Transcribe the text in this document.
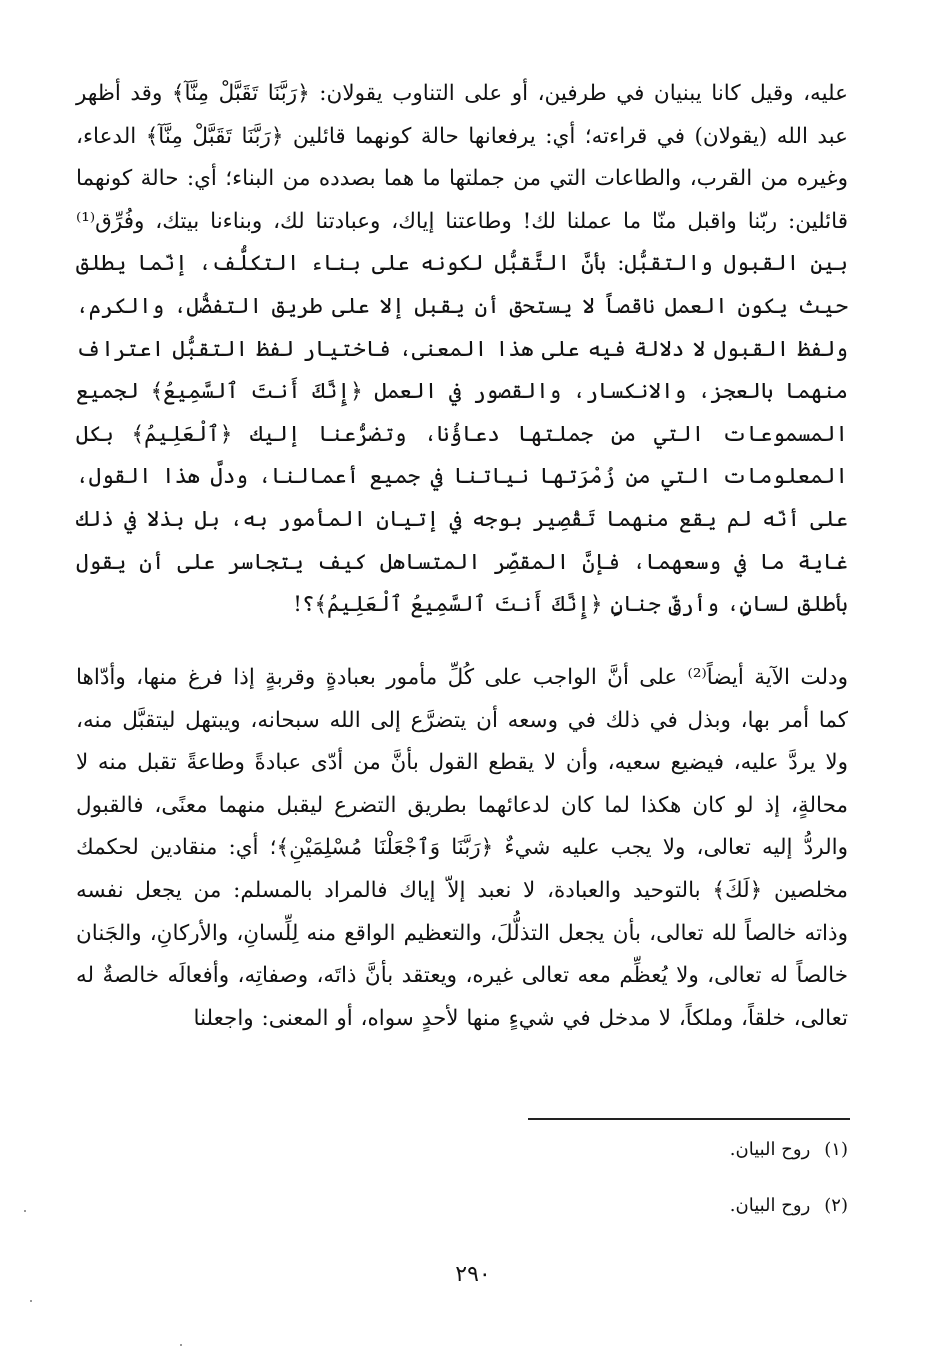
عليه، وقيل كانا يبنيان في طرفين، أو على التناوب يقولان: ﴿رَبَّنَا تَقَبَّلْ مِنَّآ﴾ وقد أظهر عبد الله (يقولان) في قراءته؛ أي: يرفعانها حالة كونهما قائلين ﴿رَبَّنَا تَقَبَّلْ مِنَّآ﴾ الدعاء، وغيره من القرب، والطاعات التي من جملتها ما هما بصدده من البناء؛ أي: حالة كونهما قائلين: ربّنا واقبل منّا ما عملنا لك! وطاعتنا إياك، وعبادتنا لك، وبناءنا بيتك، وفُرِّق⁽¹⁾ بين القبول والتقبُّل: بأنَّ التَّقبُّل لكونه على بناء التكلُّف، إنّما يطلق حيث يكون العمل ناقصاً لا يستحق أن يقبل إلا على طريق التفضُّل، والكرم، ولفظ القبول لا دلالة فيه على هذا المعنى، فاختيار لفظ التقبُّل اعتراف منهما بالعجز، والانكسار، والقصور في العمل ﴿إِنَّكَ أَنتَ ٱلسَّمِيعُ﴾ لجميع المسموعات التي من جملتها دعاؤُنا، وتضرُّعنا إليك ﴿ٱلْعَلِيمُ﴾ بكل المعلومات التي من زُمْرَتها نياتنا في جميع أعمالنا، ودلَّ هذا القول، على أنّه لم يقع منهما تَقْصِير بوجه في إتيان المأمور به، بل بذلا في ذلك غاية ما في وسعهما، فإنَّ المقصِّر المتساهل كيف يتجاسر على أن يقول بأطلق لسانٍ، وأرقِّ جنانٍ ﴿إِنَّكَ أَنتَ ٱلسَّمِيعُ ٱلْعَلِيمُ﴾؟!

ودلت الآية أيضاً⁽²⁾ على أنَّ الواجب على كُلِّ مأمور بعبادةٍ وقربةٍ إذا فرغ منها، وأدّاها كما أمر بها، وبذل في ذلك في وسعه أن يتضرَّع إلى الله سبحانه، ويبتهل ليتقبَّل منه، ولا يردَّ عليه، فيضيع سعيه، وأن لا يقطع القول بأنَّ من أدّى عبادةً وطاعةً تقبل منه لا محالةٍ، إذ لو كان هكذا لما كان لدعائهما بطريق التضرع ليقبل منهما معنًى، فالقبول والردُّ إليه تعالى، ولا يجب عليه شيءٌ ﴿رَبَّنَا وَٱجْعَلْنَا مُسْلِمَيْنِ﴾؛ أي: منقادين لحكمك مخلصين ﴿لَكَ﴾ بالتوحيد والعبادة، لا نعبد إلاّ إياك فالمراد بالمسلم: من يجعل نفسه وذاته خالصاً لله تعالى، بأن يجعل التذلُّلَ، والتعظيم الواقع منه لِلِّسانِ، والأركانِ، والجَنان خالصاً له تعالى، ولا يُعظِّم معه تعالى غيره، ويعتقد بأنَّ ذاتَه، وصفاتِه، وأفعالَه خالصةٌ له تعالى، خلقاً، وملكاً، لا مدخل في شيءٍ منها لأحدٍ سواه، أو المعنى: واجعلنا

(١)روح البيان.
(٢)روح البيان.
٢٩٠
